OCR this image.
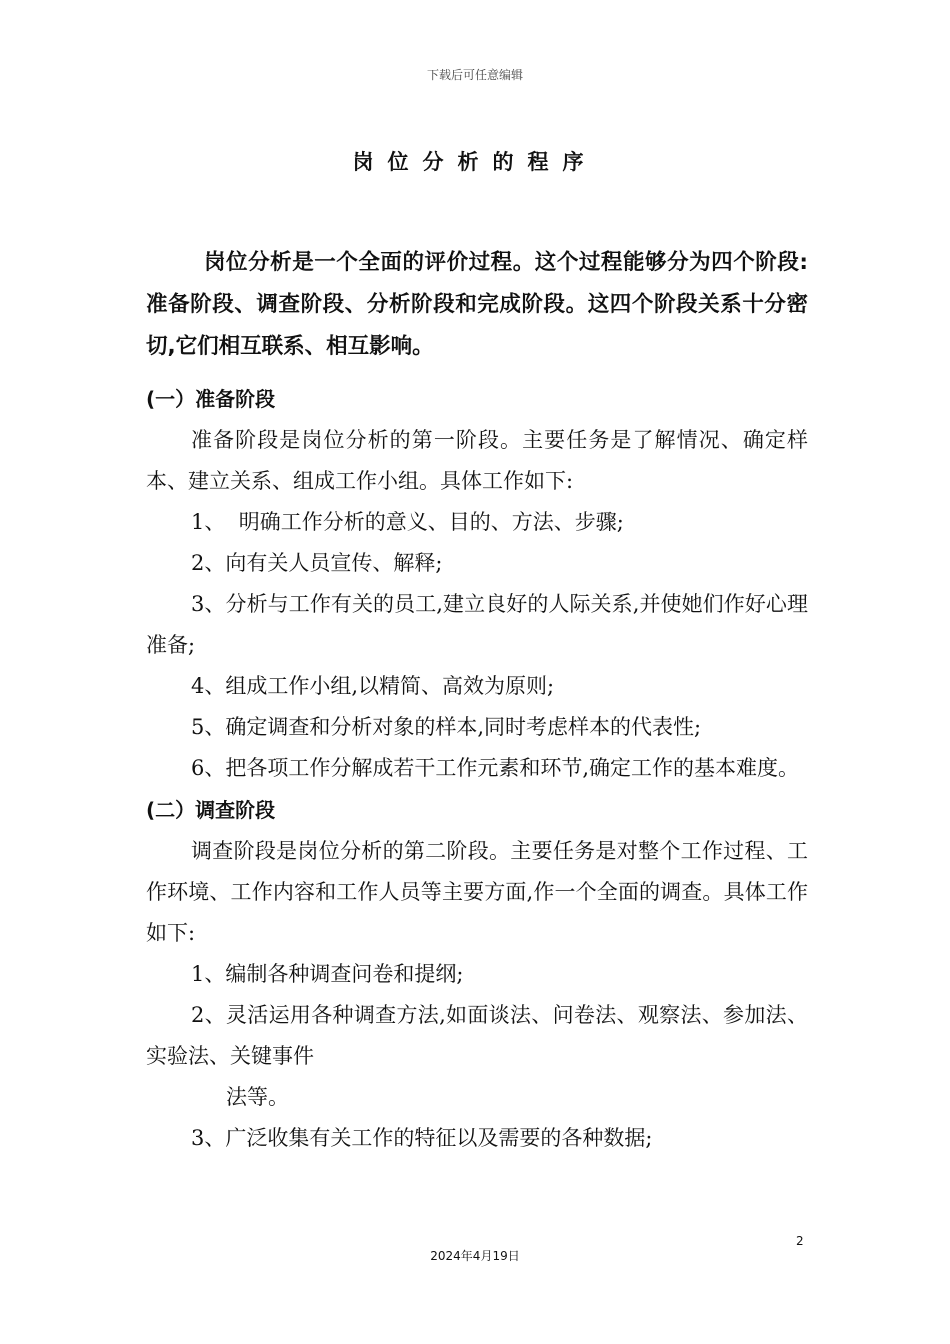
下载后可任意编辑
岗位分析的程序

岗位分析是一个全面的评价过程。这个过程能够分为四个阶段:准备阶段、调查阶段、分析阶段和完成阶段。这四个阶段关系十分密切,它们相互联系、相互影响。

(一）准备阶段

准备阶段是岗位分析的第一阶段。主要任务是了解情况、确定样本、建立关系、组成工作小组。具体工作如下:

1、  明确工作分析的意义、目的、方法、步骤;

2、向有关人员宣传、解释;

3、分析与工作有关的员工,建立良好的人际关系,并使她们作好心理准备;

4、组成工作小组,以精简、高效为原则;

5、确定调查和分析对象的样本,同时考虑样本的代表性;

6、把各项工作分解成若干工作元素和环节,确定工作的基本难度。

(二）调查阶段

调查阶段是岗位分析的第二阶段。主要任务是对整个工作过程、工作环境、工作内容和工作人员等主要方面,作一个全面的调查。具体工作如下:

1、编制各种调查问卷和提纲;

2、灵活运用各种调查方法,如面谈法、问卷法、观察法、参加法、实验法、关键事件

法等。

3、广泛收集有关工作的特征以及需要的各种数据;

2
2024年4月19日
